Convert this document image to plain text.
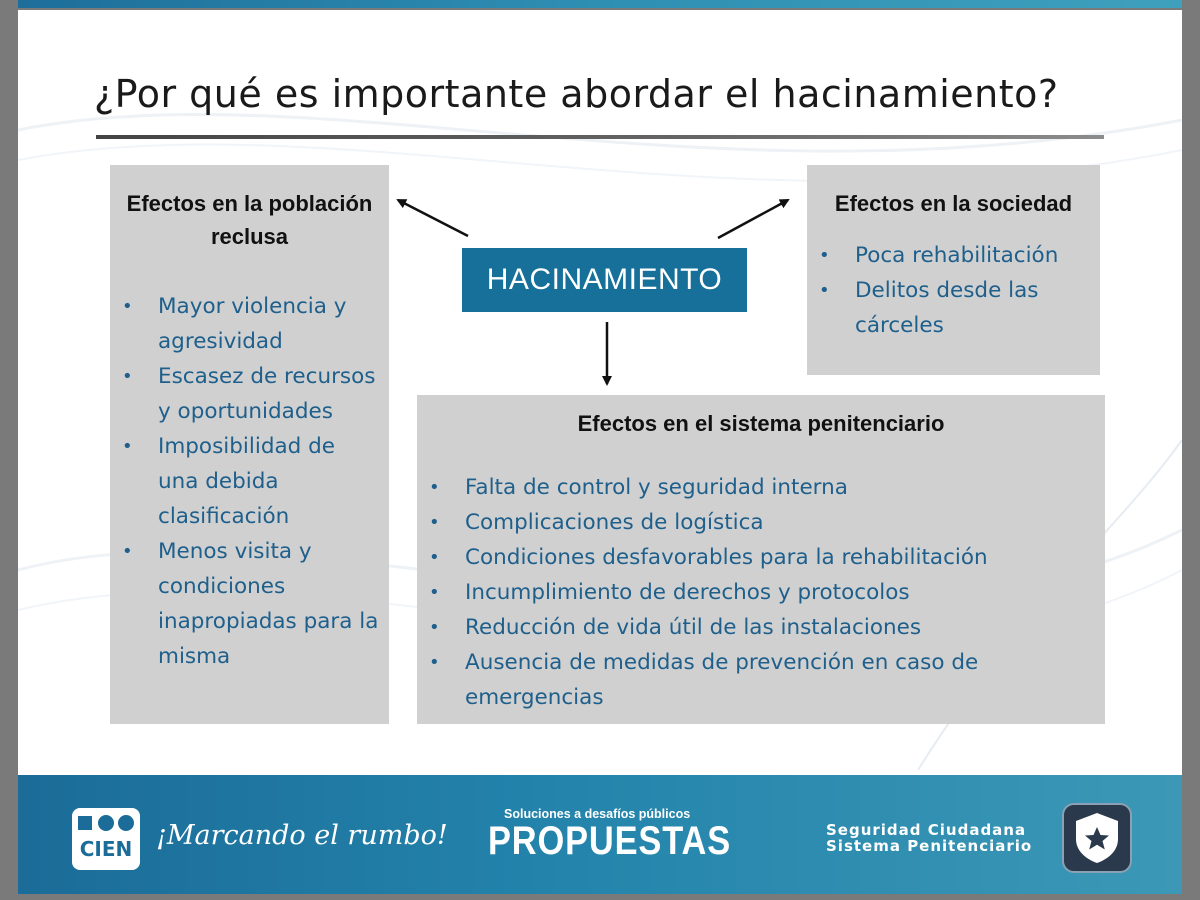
¿Por qué es importante abordar el hacinamiento?
Efectos en la población reclusa
• Mayor violencia y agresividad
• Escasez de recursos y oportunidades
• Imposibilidad de una debida clasificación
• Menos visita y condiciones inapropiadas para la misma
Efectos en la sociedad
• Poca rehabilitación
• Delitos desde las cárceles
HACINAMIENTO
Efectos en el sistema penitenciario
• Falta de control y seguridad interna
• Complicaciones de logística
• Condiciones desfavorables para la rehabilitación
• Incumplimiento de derechos y protocolos
• Reducción de vida útil de las instalaciones
• Ausencia de medidas de prevención en caso de emergencias
CIEN ¡Marcando el rumbo!
Soluciones a desafíos públicos
PROPUESTAS	Seguridad Ciudadana
Sistema Penitenciario
